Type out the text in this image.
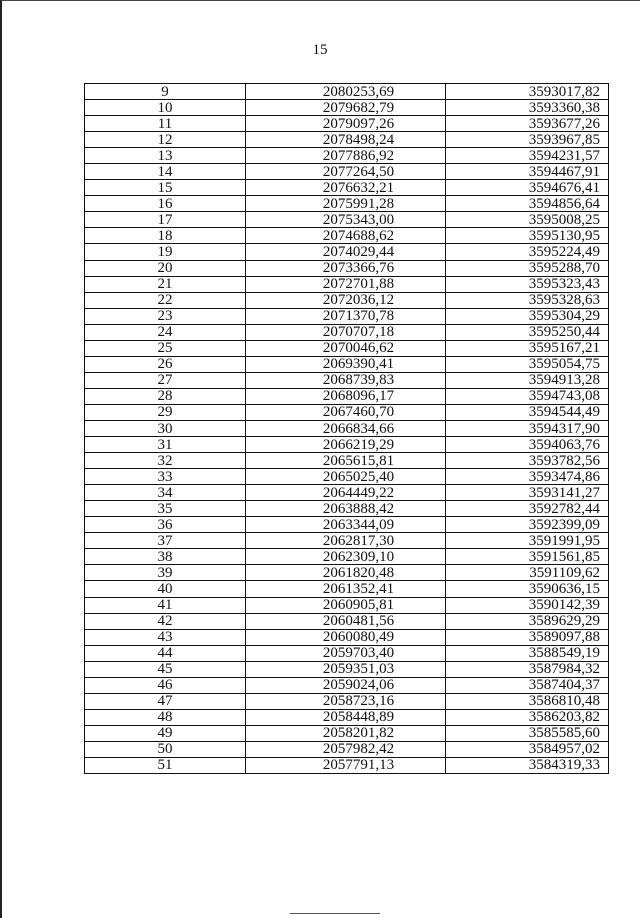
15
9	2080253,69	3593017,82
10	2079682,79	3593360,38
11	2079097,26	3593677,26
12	2078498,24	3593967,85
13	2077886,92	3594231,57
14	2077264,50	3594467,91
15	2076632,21	3594676,41
16	2075991,28	3594856,64
17	2075343,00	3595008,25
18	2074688,62	3595130,95
19	2074029,44	3595224,49
20	2073366,76	3595288,70
21	2072701,88	3595323,43
22	2072036,12	3595328,63
23	2071370,78	3595304,29
24	2070707,18	3595250,44
25	2070046,62	3595167,21
26	2069390,41	3595054,75
27	2068739,83	3594913,28
28	2068096,17	3594743,08
29	2067460,70	3594544,49
30	2066834,66	3594317,90
31	2066219,29	3594063,76
32	2065615,81	3593782,56
33	2065025,40	3593474,86
34	2064449,22	3593141,27
35	2063888,42	3592782,44
36	2063344,09	3592399,09
37	2062817,30	3591991,95
38	2062309,10	3591561,85
39	2061820,48	3591109,62
40	2061352,41	3590636,15
41	2060905,81	3590142,39
42	2060481,56	3589629,29
43	2060080,49	3589097,88
44	2059703,40	3588549,19
45	2059351,03	3587984,32
46	2059024,06	3587404,37
47	2058723,16	3586810,48
48	2058448,89	3586203,82
49	2058201,82	3585585,60
50	2057982,42	3584957,02
51	2057791,13	3584319,33
